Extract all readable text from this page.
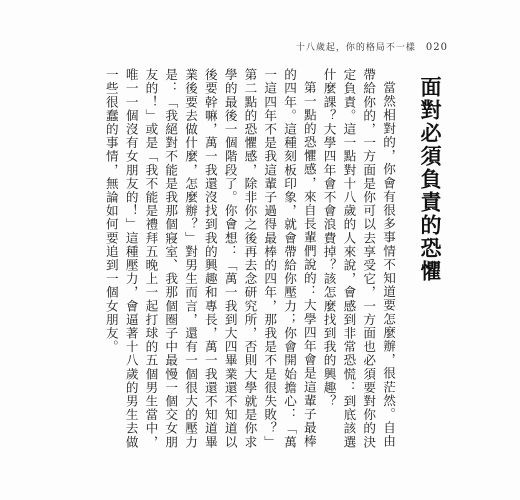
十八歲起，你的格局不一樣 020
面對必須負責的恐懼

當然相對的，你會有很多事情不知道要怎麼辦，很茫然。自由帶給你的，一方面是你可以去享受它，一方面也必須要對你的決定負責。這一點對十八歲的人來說，會感到非常恐慌：到底該選什麼課？大學四年會不會浪費掉？該怎麼找到我的興趣？

第一點的恐懼感，來自長輩們說的：大學四年會是這輩子最棒的四年。這種刻板印象，就會帶給你壓力；你會開始擔心：「萬一這四年不是我這輩子過得最棒的四年，那我是不是很失敗？」第二點的恐懼感，除非你之後再去念研究所，否則大學就是你求學的最後一個階段了。你會想：「萬一我到大四畢業還不知道以後要幹嘛，萬一我還沒找到我的興趣和專長，萬一我還不知道畢業後要去做什麼，怎麼辦？」對男生而言，還有一個很大的壓力是：「我絕對不能是我那個寢室、我那個圈子中最慢一個交女朋友的！」或是「我不能是禮拜五晚上一起打球的五個男生當中，唯一一個沒有女朋友的！」這種壓力，會逼著十八歲的男生去做一些很蠢的事情，無論如何要追到一個女朋友。
